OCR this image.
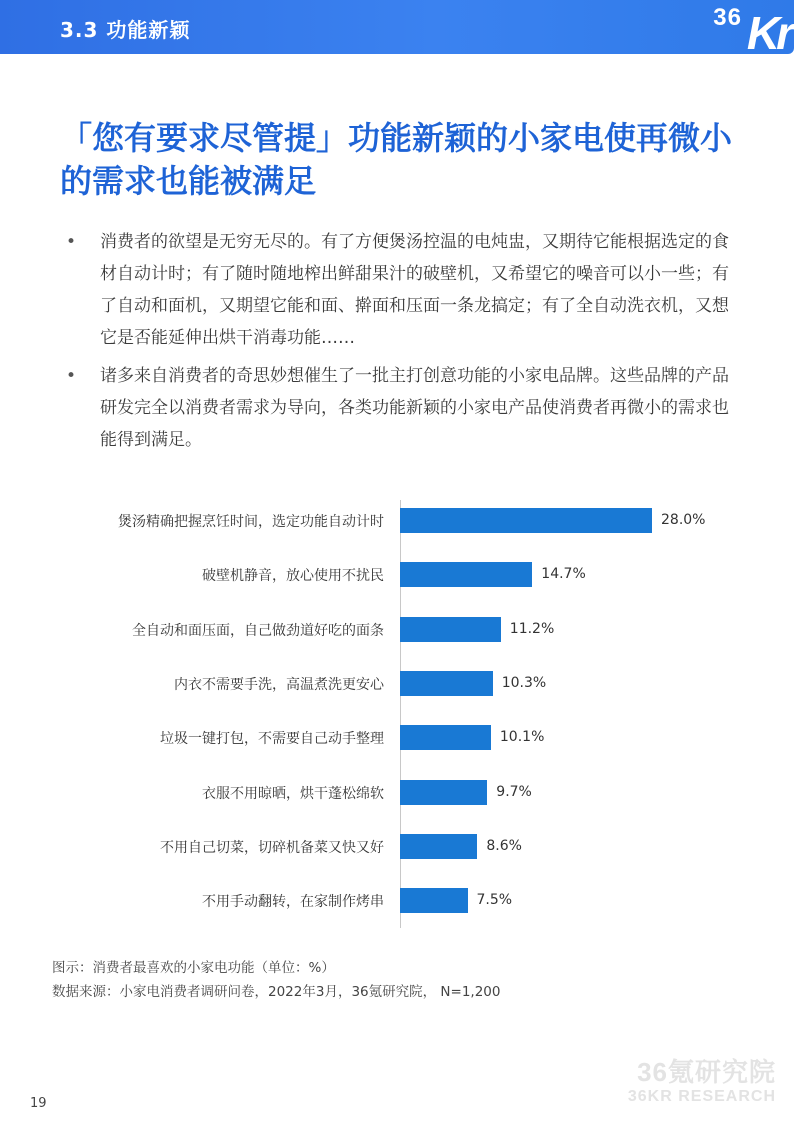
3.3 功能新颖	36 Kr
「您有要求尽管提」功能新颖的小家电使再微小的需求也能被满足
• 消费者的欲望是无穷无尽的。有了方便煲汤控温的电炖盅，又期待它能根据选定的食材自动计时；有了随时随地榨出鲜甜果汁的破壁机，又希望它的噪音可以小一些；有了自动和面机，又期望它能和面、擀面和压面一条龙搞定；有了全自动洗衣机，又想它是否能延伸出烘干消毒功能……
• 诸多来自消费者的奇思妙想催生了一批主打创意功能的小家电品牌。这些品牌的产品研发完全以消费者需求为导向，各类功能新颖的小家电产品使消费者再微小的需求也能得到满足。
煲汤精确把握烹饪时间，选定功能自动计时	28.0%
破壁机静音，放心使用不扰民	14.7%
全自动和面压面，自己做劲道好吃的面条	11.2%
内衣不需要手洗，高温煮洗更安心	10.3%
垃圾一键打包，不需要自己动手整理	10.1%
衣服不用晾晒，烘干蓬松绵软	9.7%
不用自己切菜，切碎机备菜又快又好	8.6%
不用手动翻转，在家制作烤串	7.5%
图示：消费者最喜欢的小家电功能（单位：%）
数据来源：小家电消费者调研问卷，2022年3月，36氪研究院， N=1,200
36氪研究院
36KR RESEARCH
19
